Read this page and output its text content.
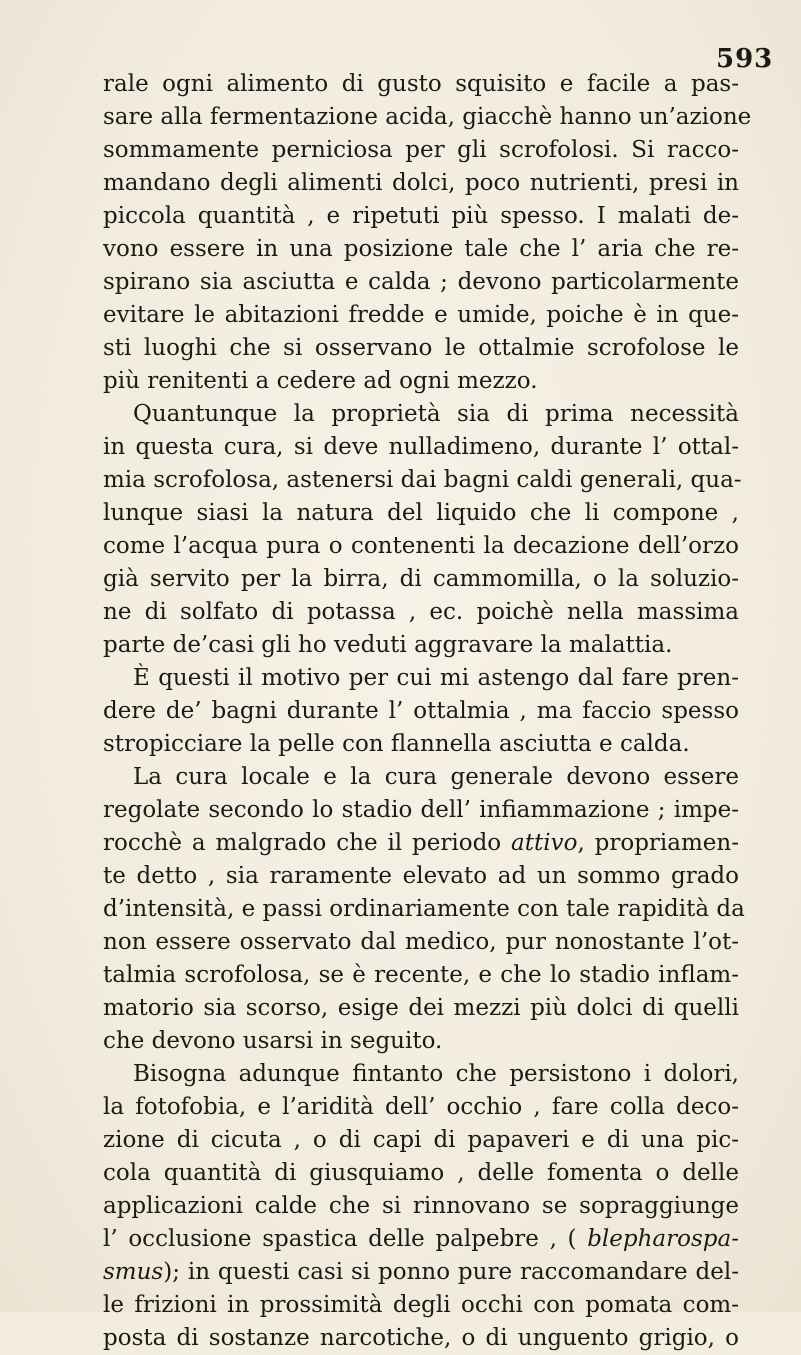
593
rale ogni alimento di gusto squisito e facile a pas-
sare alla fermentazione acida, giacchè hanno un’azione
sommamente perniciosa per gli scrofolosi. Si racco-
mandano degli alimenti dolci, poco nutrienti, presi in
piccola quantità , e ripetuti più spesso. I malati de-
vono essere in una posizione tale che l’ aria che re-
spirano sia asciutta e calda ; devono particolarmente
evitare le abitazioni fredde e umide, poiche è in que-
sti luoghi che si osservano le ottalmie scrofolose le
più renitenti a cedere ad ogni mezzo.
Quantunque la proprietà sia di prima necessità
in questa cura, si deve nulladimeno, durante l’ ottal-
mia scrofolosa, astenersi dai bagni caldi generali, qua-
lunque siasi la natura del liquido che li compone ,
come l’acqua pura o contenenti la decazione dell’orzo
già servito per la birra, di cammomilla, o la soluzio-
ne di solfato di potassa , ec. poichè nella massima
parte de’casi gli ho veduti aggravare la malattia.
È questi il motivo per cui mi astengo dal fare pren-
dere de’ bagni durante l’ ottalmia , ma faccio spesso
stropicciare la pelle con flannella asciutta e calda.
La cura locale e la cura generale devono essere
regolate secondo lo stadio dell’ infiammazione ; impe-
rocchè a malgrado che il periodo attivo, propriamen-
te detto , sia raramente elevato ad un sommo grado
d’intensità, e passi ordinariamente con tale rapidità da
non essere osservato dal medico, pur nonostante l’ot-
talmia scrofolosa, se è recente, e che lo stadio inflam-
matorio sia scorso, esige dei mezzi più dolci di quelli
che devono usarsi in seguito.
Bisogna adunque fintanto che persistono i dolori,
la fotofobia, e l’aridità dell’ occhio , fare colla deco-
zione di cicuta , o di capi di papaveri e di una pic-
cola quantità di giusquiamo , delle fomenta o delle
applicazioni calde che si rinnovano se sopraggiunge
l’ occlusione spastica delle palpebre , ( blepharospa-
smus); in questi casi si ponno pure raccomandare del-
le frizioni in prossimità degli occhi con pomata com-
posta di sostanze narcotiche, o di unguento grigio, o
